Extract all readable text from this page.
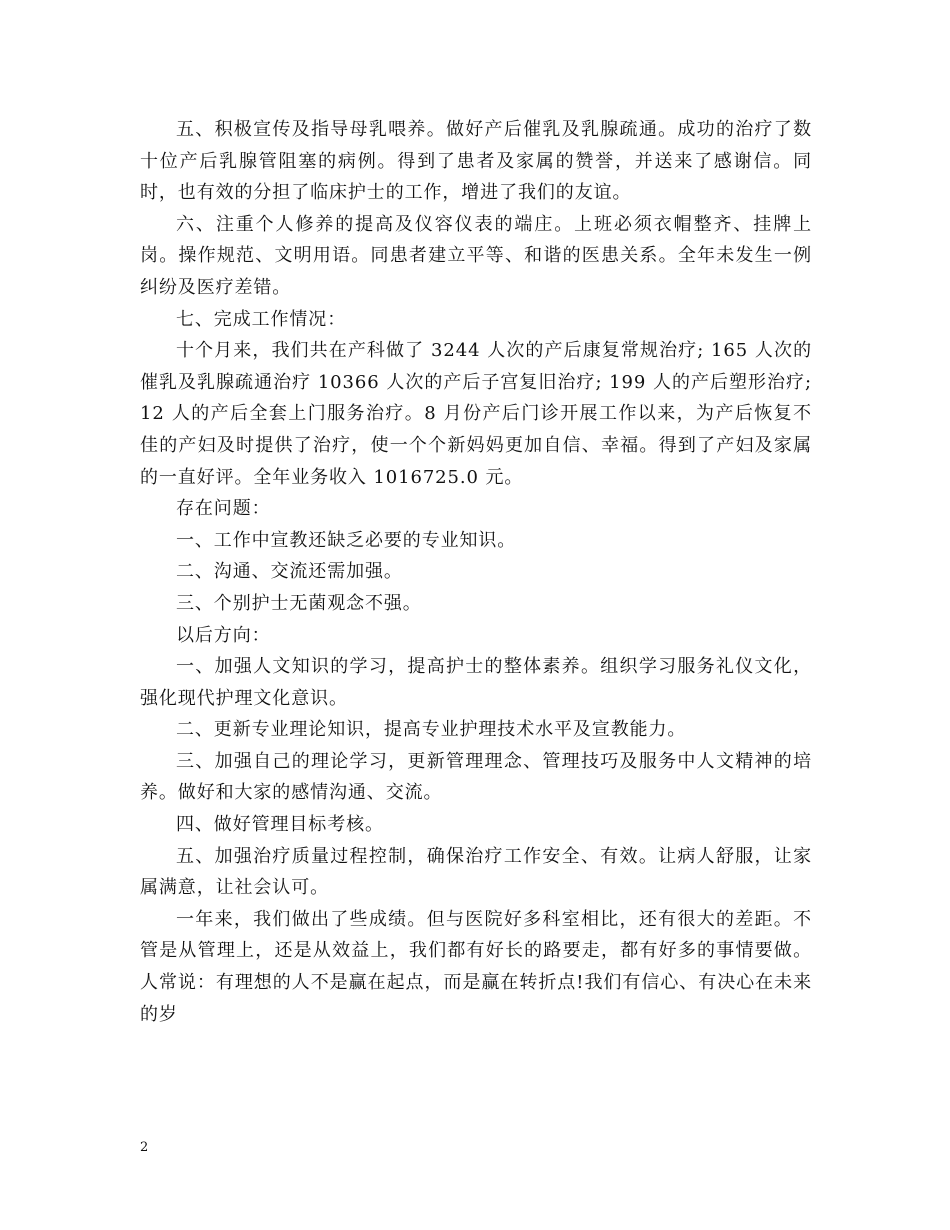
五、积极宣传及指导母乳喂养。做好产后催乳及乳腺疏通。成功的治疗了数十位产后乳腺管阻塞的病例。得到了患者及家属的赞誉，并送来了感谢信。同时，也有效的分担了临床护士的工作，增进了我们的友谊。

六、注重个人修养的提高及仪容仪表的端庄。上班必须衣帽整齐、挂牌上岗。操作规范、文明用语。同患者建立平等、和谐的医患关系。全年未发生一例纠纷及医疗差错。

七、完成工作情况：

十个月来，我们共在产科做了 3244 人次的产后康复常规治疗; 165 人次的催乳及乳腺疏通治疗 10366 人次的产后子宫复旧治疗; 199 人的产后塑形治疗; 12 人的产后全套上门服务治疗。8 月份产后门诊开展工作以来，为产后恢复不佳的产妇及时提供了治疗，使一个个新妈妈更加自信、幸福。得到了产妇及家属的一直好评。全年业务收入 1016725.0 元。

存在问题：

一、工作中宣教还缺乏必要的专业知识。

二、沟通、交流还需加强。

三、个别护士无菌观念不强。

以后方向：

一、加强人文知识的学习，提高护士的整体素养。组织学习服务礼仪文化，强化现代护理文化意识。

二、更新专业理论知识，提高专业护理技术水平及宣教能力。

三、加强自己的理论学习，更新管理理念、管理技巧及服务中人文精神的培养。做好和大家的感情沟通、交流。

四、做好管理目标考核。

五、加强治疗质量过程控制，确保治疗工作安全、有效。让病人舒服，让家属满意，让社会认可。

一年来，我们做出了些成绩。但与医院好多科室相比，还有很大的差距。不管是从管理上，还是从效益上，我们都有好长的路要走，都有好多的事情要做。人常说：有理想的人不是赢在起点，而是赢在转折点!我们有信心、有决心在未来的岁

2
